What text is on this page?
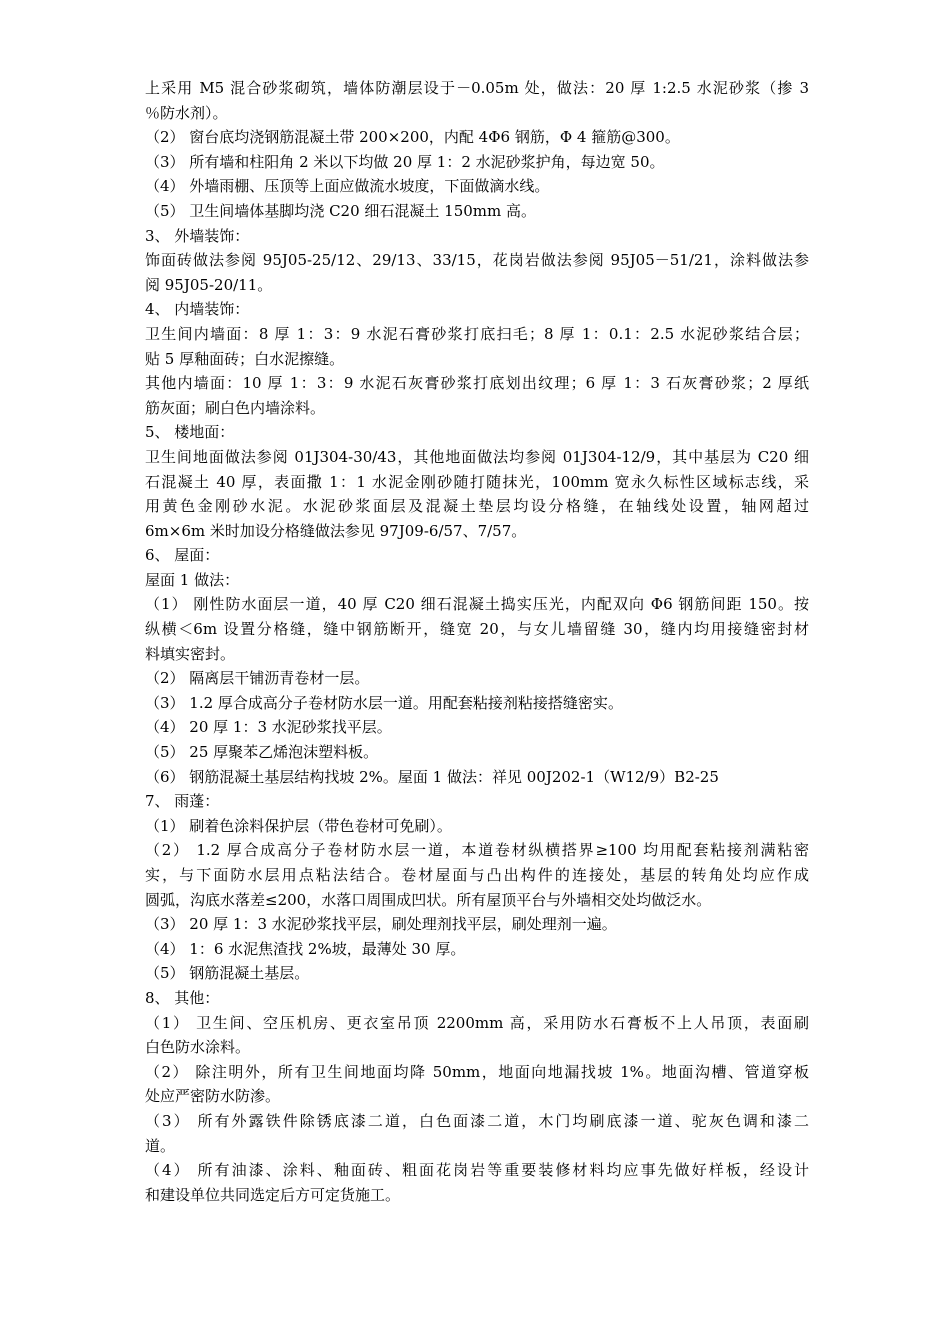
上采用 M5 混合砂浆砌筑，墙体防潮层设于－0.05m 处，做法：20 厚 1:2.5 水泥砂浆（掺 3
％防水剂）。
（2） 窗台底均浇钢筋混凝土带 200×200，内配 4Φ6 钢筋，Φ 4 箍筋@300。
（3） 所有墙和柱阳角 2 米以下均做 20 厚 1：2 水泥砂浆护角，每边宽 50。
（4） 外墙雨棚、压顶等上面应做流水坡度，下面做滴水线。
（5） 卫生间墙体基脚均浇 C20 细石混凝土 150mm 高。
3、 外墙装饰：
饰面砖做法参阅 95J05-25/12、29/13、33/15，花岗岩做法参阅 95J05－51/21，涂料做法参
阅 95J05-20/11。
4、 内墙装饰：
卫生间内墙面：8 厚 1：3：9 水泥石膏砂浆打底扫毛；8 厚 1：0.1：2.5 水泥砂浆结合层；
贴 5 厚釉面砖；白水泥擦缝。
其他内墙面：10 厚 1：3：9 水泥石灰膏砂浆打底划出纹理；6 厚 1：3 石灰膏砂浆；2 厚纸
筋灰面；刷白色内墙涂料。
5、 楼地面：
卫生间地面做法参阅 01J304-30/43，其他地面做法均参阅 01J304-12/9，其中基层为 C20 细
石混凝土 40 厚，表面撒 1：1 水泥金刚砂随打随抹光，100mm 宽永久标性区域标志线，采
用黄色金刚砂水泥。水泥砂浆面层及混凝土垫层均设分格缝，在轴线处设置，轴网超过
6m×6m 米时加设分格缝做法参见 97J09-6/57、7/57。
6、 屋面：
屋面 1 做法：
（1） 刚性防水面层一道，40 厚 C20 细石混凝土捣实压光，内配双向 Φ6 钢筋间距 150。按
纵横＜6m 设置分格缝，缝中钢筋断开，缝宽 20，与女儿墙留缝 30，缝内均用接缝密封材
料填实密封。
（2） 隔离层干铺沥青卷材一层。
（3） 1.2 厚合成高分子卷材防水层一道。用配套粘接剂粘接搭缝密实。
（4） 20 厚 1：3 水泥砂浆找平层。
（5） 25 厚聚苯乙烯泡沫塑料板。
（6） 钢筋混凝土基层结构找坡 2%。屋面 1 做法：祥见 00J202-1（W12/9）B2-25
7、 雨蓬：
（1） 刷着色涂料保护层（带色卷材可免刷）。
（2） 1.2 厚合成高分子卷材防水层一道，本道卷材纵横搭界≥100 均用配套粘接剂满粘密
实，与下面防水层用点粘法结合。卷材屋面与凸出构件的连接处，基层的转角处均应作成
圆弧，沟底水落差≤200，水落口周围成凹状。所有屋顶平台与外墙相交处均做泛水。
（3） 20 厚 1：3 水泥砂浆找平层，刷处理剂找平层，刷处理剂一遍。
（4） 1：6 水泥焦渣找 2%坡，最薄处 30 厚。
（5） 钢筋混凝土基层。
8、 其他：
（1） 卫生间、空压机房、更衣室吊顶 2200mm 高，采用防水石膏板不上人吊顶，表面刷
白色防水涂料。
（2） 除注明外，所有卫生间地面均降 50mm，地面向地漏找坡 1%。地面沟槽、管道穿板
处应严密防水防渗。
（3） 所有外露铁件除锈底漆二道，白色面漆二道，木门均刷底漆一道、驼灰色调和漆二
道。
（4） 所有油漆、涂料、釉面砖、粗面花岗岩等重要装修材料均应事先做好样板，经设计
和建设单位共同选定后方可定货施工。
